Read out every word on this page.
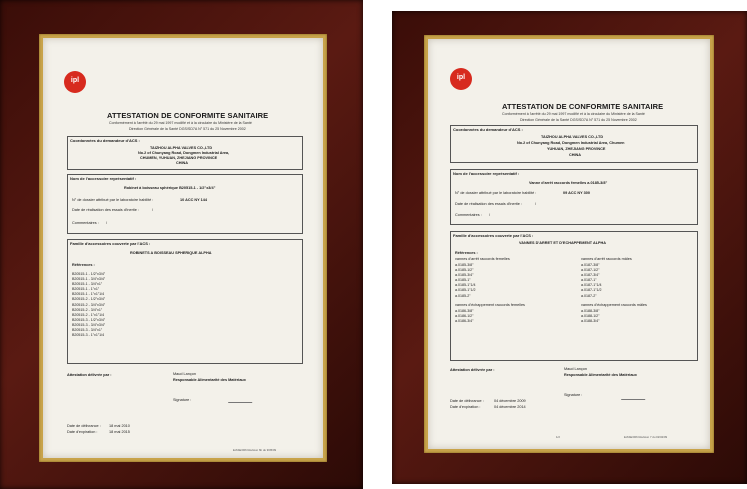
ipl
ATTESTATION DE CONFORMITE SANITAIRE
Conformément à l'arrêté du 29 mai 1997 modifié et à la circulaire du Ministère de la Santé
Direction Générale de la Santé DGS/SD7A N° 571 du 25 Novembre 2002
Coordonnées du demandeur d'ACS :
TAIZHOU ALPHA VALVES CO.,LTD
No.2 of Chunyang Road, Dongmen Industrial Area,
CHUMEN, YUHUAN, ZHEJIANG PROVINCE
CHINA
Nom de l'accessoire représentatif :
Robinet à boisseau sphérique B20515-1 - 1/2"x3/4"
N° de dossier attribué par le laboratoire habilité :	10 ACC NY 144
Date de réalisation des essais d'inertie :	/
Commentaires : /
Famille d'accessoires couverte par l'ACS :
ROBINETS A BOISSEAU SPHERIQUE ALPHA
Références :
B20515-1 - 1/2"x3/4"
B20515-1 - 3/4"x3/4"
B20515-1 - 3/4"x1"
B20515-1 - 1"x1"
B20515-1 - 1"x1"1/4
B20515-2 - 1/2"x3/4"
B20515-2 - 3/4"x3/4"
B20515-2 - 3/4"x1"
B20515-2 - 1"x1"1/4
B20515-3 - 1/2"x3/4"
B20515-3 - 3/4"x3/4"
B20515-3 - 3/4"x1"
B20515-3 - 1"x1"1/4
Attestation délivrée par :	Maud Lançon
Responsable Alimentarité des Matériaux
Signature :
Date de délivrance : 18 mai 2010
Date d'expiration :	18 mai 2015
E/ASE/006 Révision 6b du 9/05/09
ipl
ATTESTATION DE CONFORMITE SANITAIRE
Conformément à l'arrêté du 29 mai 1997 modifié et à la circulaire du Ministère de la Santé
Direction Générale de la Santé DGS/SD7A N° 571 du 25 Novembre 2002
Coordonnées du demandeur d'ACS :
TAIZHOU ALPHA VALVES CO.,LTD
No.2 of Chunyang Road, Dongmen Industrial Area, Chumen
YUHUAN, ZHEJIANG PROVINCE
CHINA
Nom de l'accessoire représentatif :
Vanne d'arrêt raccords femelles a.0185-3/8"
N° de dossier attribué par le laboratoire habilité :	09 ACC NY 300
Date de réalisation des essais d'inertie :	/
Commentaires : /
Famille d'accessoires couverte par l'ACS :
VANNES D'ARRET ET D'ECHAPPEMENT ALPHA
Références :
vannes d'arrêt raccords femelles
a.0185-3/8"
a.0185-1/2"
a.0185-3/4"
a.0185-1"
a.0185-1"1/4
a.0185-1"1/2
a.0185-2"
vannes d'arrêt raccords mâles
a.0187-3/8"
a.0187-1/2"
a.0187-3/4"
a.0187-1"
a.0187-1"1/4
a.0187-1"1/2
a.0187-2"
vannes d'échappement raccords femelles
a.0186-3/8"
a.0186-1/2"
a.0186-3/4"
vannes d'échappement raccords mâles
a.0188-3/8"
a.0188-1/2"
a.0188-3/4"
Attestation délivrée par :	Maud Lançon
Responsable Alimentarité des Matériaux
Signature :
Date de délivrance :	04 décembre 2009
Date d'expiration :	04 décembre 2014
1/2	E/ASE/006 Révision 7 du 02/02/09
